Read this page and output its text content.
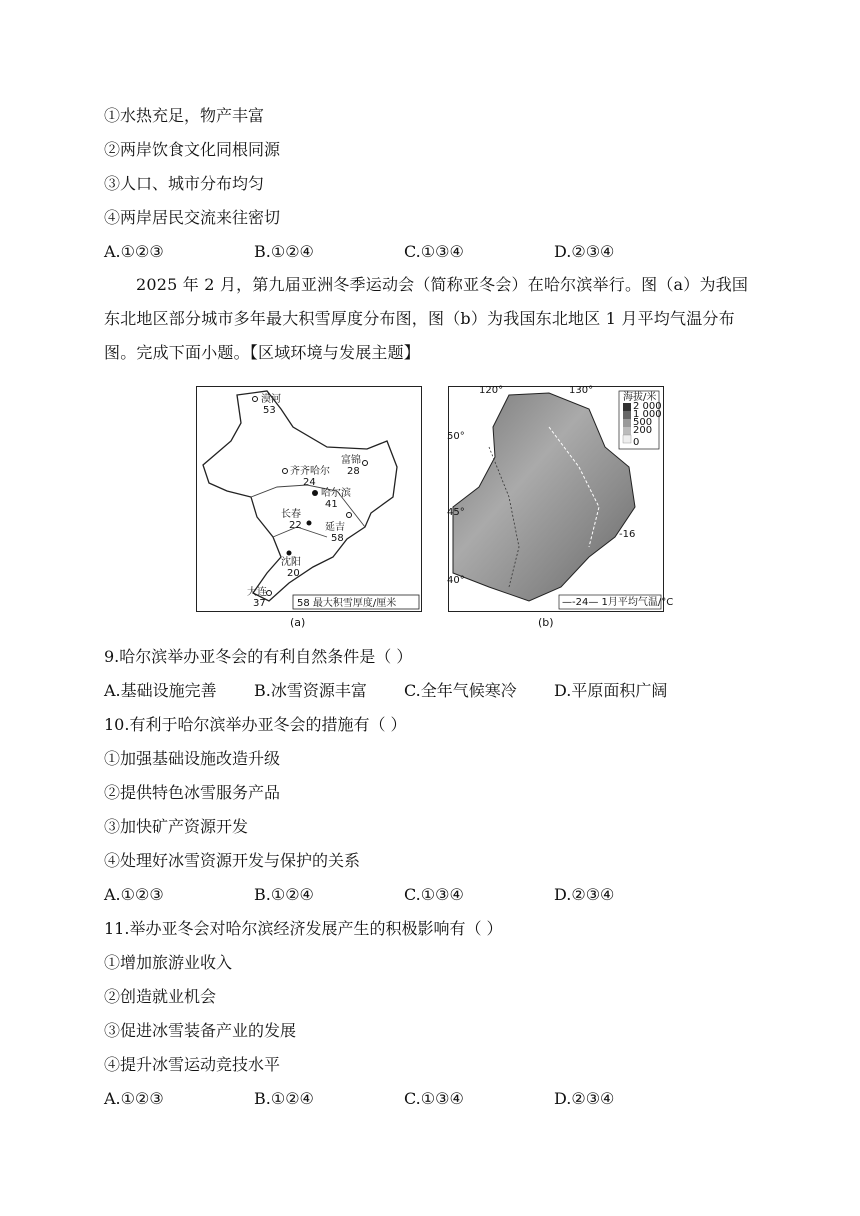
①水热充足，物产丰富
②两岸饮食文化同根同源
③人口、城市分布均匀
④两岸居民交流来往密切
A.①②③	B.①②④	C.①③④	D.②③④

2025 年 2 月，第九届亚洲冬季运动会（简称亚冬会）在哈尔滨举行。图（a）为我国东北地区部分城市多年最大积雪厚度分布图，图（b）为我国东北地区 1 月平均气温分布图。完成下面小题。【区域环境与发展主题】

漠河
53
齐齐哈尔
24
富锦
28
哈尔滨
41
长春
22 延吉
58
沈阳
20
大连
37	58 最大积雪厚度/厘米
(a)
120°	130°
50°
45°
40°
-16
海拔/米
2 000
1 000
500
200
0
—-24— 1月平均气温/°C
(b)
9.哈尔滨举办亚冬会的有利自然条件是（ ）
A.基础设施完善 B.冰雪资源丰富 C.全年气候寒冷 D.平原面积广阔
10.有利于哈尔滨举办亚冬会的措施有（ ）
①加强基础设施改造升级
②提供特色冰雪服务产品
③加快矿产资源开发
④处理好冰雪资源开发与保护的关系
A.①②③	B.①②④	C.①③④	D.②③④
11.举办亚冬会对哈尔滨经济发展产生的积极影响有（ ）
①增加旅游业收入
②创造就业机会
③促进冰雪装备产业的发展
④提升冰雪运动竞技水平
A.①②③	B.①②④	C.①③④	D.②③④
